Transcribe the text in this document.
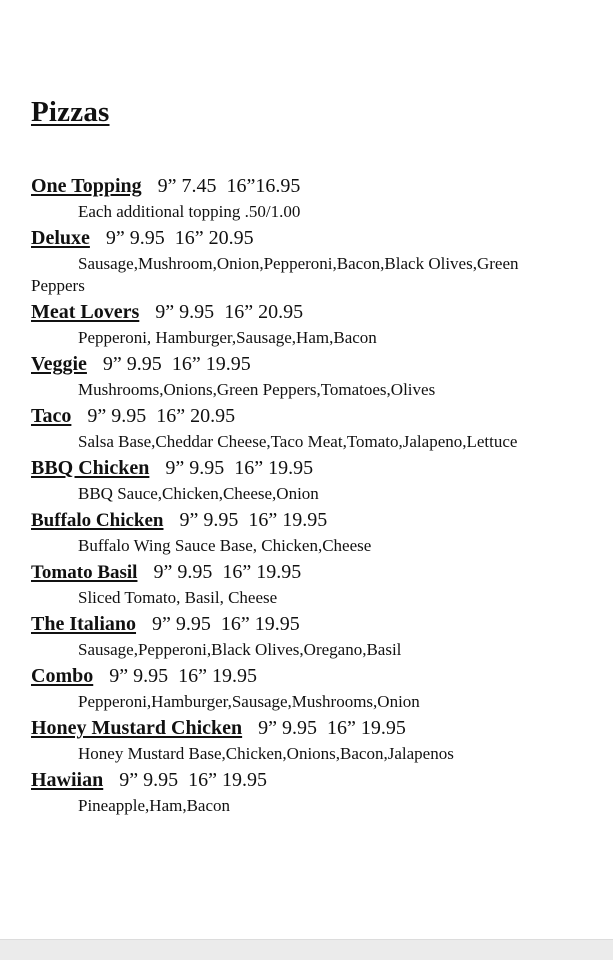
Pizzas
One Topping 9” 7.45 16”16.95
Each additional topping .50/1.00
Deluxe 9” 9.95 16” 20.95
Sausage,Mushroom,Onion,Pepperoni,Bacon,Black Olives,Green
Peppers
Meat Lovers 9” 9.95 16” 20.95
Pepperoni, Hamburger,Sausage,Ham,Bacon
Veggie 9” 9.95 16” 19.95
Mushrooms,Onions,Green Peppers,Tomatoes,Olives
Taco 9” 9.95 16” 20.95
Salsa Base,Cheddar Cheese,Taco Meat,Tomato,Jalapeno,Lettuce
BBQ Chicken 9” 9.95 16” 19.95
BBQ Sauce,Chicken,Cheese,Onion
Buffalo Chicken 9” 9.95 16” 19.95
Buffalo Wing Sauce Base, Chicken,Cheese
Tomato Basil 9” 9.95 16” 19.95
Sliced Tomato, Basil, Cheese
The Italiano 9” 9.95 16” 19.95
Sausage,Pepperoni,Black Olives,Oregano,Basil
Combo 9” 9.95 16” 19.95
Pepperoni,Hamburger,Sausage,Mushrooms,Onion
Honey Mustard Chicken 9” 9.95 16” 19.95
Honey Mustard Base,Chicken,Onions,Bacon,Jalapenos
Hawiian 9” 9.95 16” 19.95
Pineapple,Ham,Bacon
